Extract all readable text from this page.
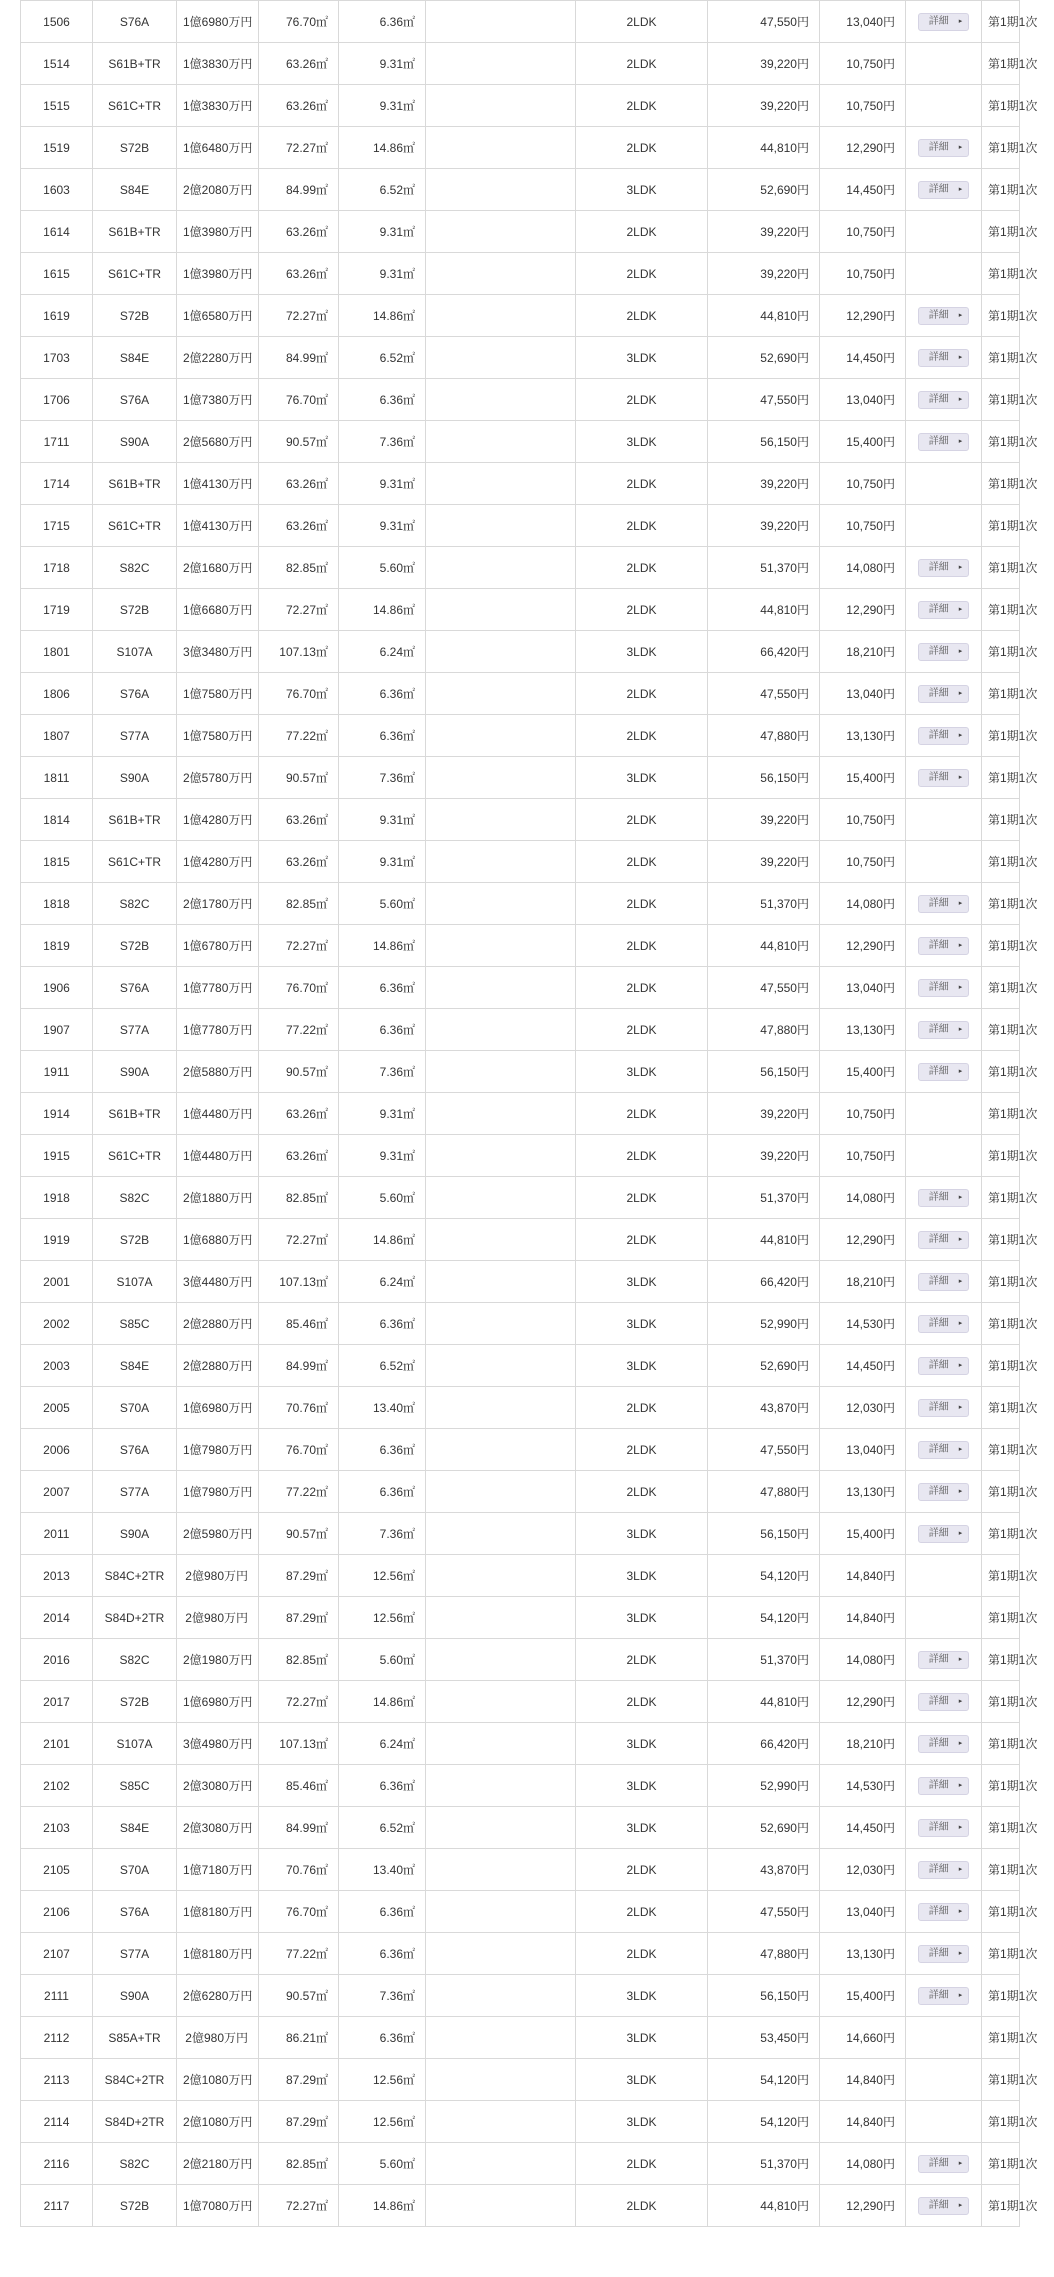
1506	S76A	1億6980万円	76.70㎡	6.36㎡		2LDK	47,550円	13,040円	詳細 ▸	第1期1次	
1514	S61B+TR	1億3830万円	63.26㎡	9.31㎡		2LDK	39,220円	10,750円		第1期1次	
1515	S61C+TR	1億3830万円	63.26㎡	9.31㎡		2LDK	39,220円	10,750円		第1期1次	
1519	S72B	1億6480万円	72.27㎡	14.86㎡		2LDK	44,810円	12,290円	詳細 ▸	第1期1次	
1603	S84E	2億2080万円	84.99㎡	6.52㎡		3LDK	52,690円	14,450円	詳細 ▸	第1期1次	
1614	S61B+TR	1億3980万円	63.26㎡	9.31㎡		2LDK	39,220円	10,750円		第1期1次	
1615	S61C+TR	1億3980万円	63.26㎡	9.31㎡		2LDK	39,220円	10,750円		第1期1次	
1619	S72B	1億6580万円	72.27㎡	14.86㎡		2LDK	44,810円	12,290円	詳細 ▸	第1期1次	
1703	S84E	2億2280万円	84.99㎡	6.52㎡		3LDK	52,690円	14,450円	詳細 ▸	第1期1次	
1706	S76A	1億7380万円	76.70㎡	6.36㎡		2LDK	47,550円	13,040円	詳細 ▸	第1期1次	
1711	S90A	2億5680万円	90.57㎡	7.36㎡		3LDK	56,150円	15,400円	詳細 ▸	第1期1次	
1714	S61B+TR	1億4130万円	63.26㎡	9.31㎡		2LDK	39,220円	10,750円		第1期1次	
1715	S61C+TR	1億4130万円	63.26㎡	9.31㎡		2LDK	39,220円	10,750円		第1期1次	
1718	S82C	2億1680万円	82.85㎡	5.60㎡		2LDK	51,370円	14,080円	詳細 ▸	第1期1次	
1719	S72B	1億6680万円	72.27㎡	14.86㎡		2LDK	44,810円	12,290円	詳細 ▸	第1期1次	
1801	S107A	3億3480万円	107.13㎡	6.24㎡		3LDK	66,420円	18,210円	詳細 ▸	第1期1次	
1806	S76A	1億7580万円	76.70㎡	6.36㎡		2LDK	47,550円	13,040円	詳細 ▸	第1期1次	
1807	S77A	1億7580万円	77.22㎡	6.36㎡		2LDK	47,880円	13,130円	詳細 ▸	第1期1次	
1811	S90A	2億5780万円	90.57㎡	7.36㎡		3LDK	56,150円	15,400円	詳細 ▸	第1期1次	
1814	S61B+TR	1億4280万円	63.26㎡	9.31㎡		2LDK	39,220円	10,750円		第1期1次	
1815	S61C+TR	1億4280万円	63.26㎡	9.31㎡		2LDK	39,220円	10,750円		第1期1次	
1818	S82C	2億1780万円	82.85㎡	5.60㎡		2LDK	51,370円	14,080円	詳細 ▸	第1期1次	
1819	S72B	1億6780万円	72.27㎡	14.86㎡		2LDK	44,810円	12,290円	詳細 ▸	第1期1次	
1906	S76A	1億7780万円	76.70㎡	6.36㎡		2LDK	47,550円	13,040円	詳細 ▸	第1期1次	
1907	S77A	1億7780万円	77.22㎡	6.36㎡		2LDK	47,880円	13,130円	詳細 ▸	第1期1次	
1911	S90A	2億5880万円	90.57㎡	7.36㎡		3LDK	56,150円	15,400円	詳細 ▸	第1期1次	
1914	S61B+TR	1億4480万円	63.26㎡	9.31㎡		2LDK	39,220円	10,750円		第1期1次	
1915	S61C+TR	1億4480万円	63.26㎡	9.31㎡		2LDK	39,220円	10,750円		第1期1次	
1918	S82C	2億1880万円	82.85㎡	5.60㎡		2LDK	51,370円	14,080円	詳細 ▸	第1期1次	
1919	S72B	1億6880万円	72.27㎡	14.86㎡		2LDK	44,810円	12,290円	詳細 ▸	第1期1次	
2001	S107A	3億4480万円	107.13㎡	6.24㎡		3LDK	66,420円	18,210円	詳細 ▸	第1期1次	
2002	S85C	2億2880万円	85.46㎡	6.36㎡		3LDK	52,990円	14,530円	詳細 ▸	第1期1次	
2003	S84E	2億2880万円	84.99㎡	6.52㎡		3LDK	52,690円	14,450円	詳細 ▸	第1期1次	
2005	S70A	1億6980万円	70.76㎡	13.40㎡		2LDK	43,870円	12,030円	詳細 ▸	第1期1次	
2006	S76A	1億7980万円	76.70㎡	6.36㎡		2LDK	47,550円	13,040円	詳細 ▸	第1期1次	
2007	S77A	1億7980万円	77.22㎡	6.36㎡		2LDK	47,880円	13,130円	詳細 ▸	第1期1次	
2011	S90A	2億5980万円	90.57㎡	7.36㎡		3LDK	56,150円	15,400円	詳細 ▸	第1期1次	
2013	S84C+2TR	2億980万円	87.29㎡	12.56㎡		3LDK	54,120円	14,840円		第1期1次	
2014	S84D+2TR	2億980万円	87.29㎡	12.56㎡		3LDK	54,120円	14,840円		第1期1次	
2016	S82C	2億1980万円	82.85㎡	5.60㎡		2LDK	51,370円	14,080円	詳細 ▸	第1期1次	
2017	S72B	1億6980万円	72.27㎡	14.86㎡		2LDK	44,810円	12,290円	詳細 ▸	第1期1次	
2101	S107A	3億4980万円	107.13㎡	6.24㎡		3LDK	66,420円	18,210円	詳細 ▸	第1期1次	
2102	S85C	2億3080万円	85.46㎡	6.36㎡		3LDK	52,990円	14,530円	詳細 ▸	第1期1次	
2103	S84E	2億3080万円	84.99㎡	6.52㎡		3LDK	52,690円	14,450円	詳細 ▸	第1期1次	
2105	S70A	1億7180万円	70.76㎡	13.40㎡		2LDK	43,870円	12,030円	詳細 ▸	第1期1次	
2106	S76A	1億8180万円	76.70㎡	6.36㎡		2LDK	47,550円	13,040円	詳細 ▸	第1期1次	
2107	S77A	1億8180万円	77.22㎡	6.36㎡		2LDK	47,880円	13,130円	詳細 ▸	第1期1次	
2111	S90A	2億6280万円	90.57㎡	7.36㎡		3LDK	56,150円	15,400円	詳細 ▸	第1期1次	
2112	S85A+TR	2億980万円	86.21㎡	6.36㎡		3LDK	53,450円	14,660円		第1期1次	
2113	S84C+2TR	2億1080万円	87.29㎡	12.56㎡		3LDK	54,120円	14,840円		第1期1次	
2114	S84D+2TR	2億1080万円	87.29㎡	12.56㎡		3LDK	54,120円	14,840円		第1期1次	
2116	S82C	2億2180万円	82.85㎡	5.60㎡		2LDK	51,370円	14,080円	詳細 ▸	第1期1次	
2117	S72B	1億7080万円	72.27㎡	14.86㎡		2LDK	44,810円	12,290円	詳細 ▸	第1期1次	
